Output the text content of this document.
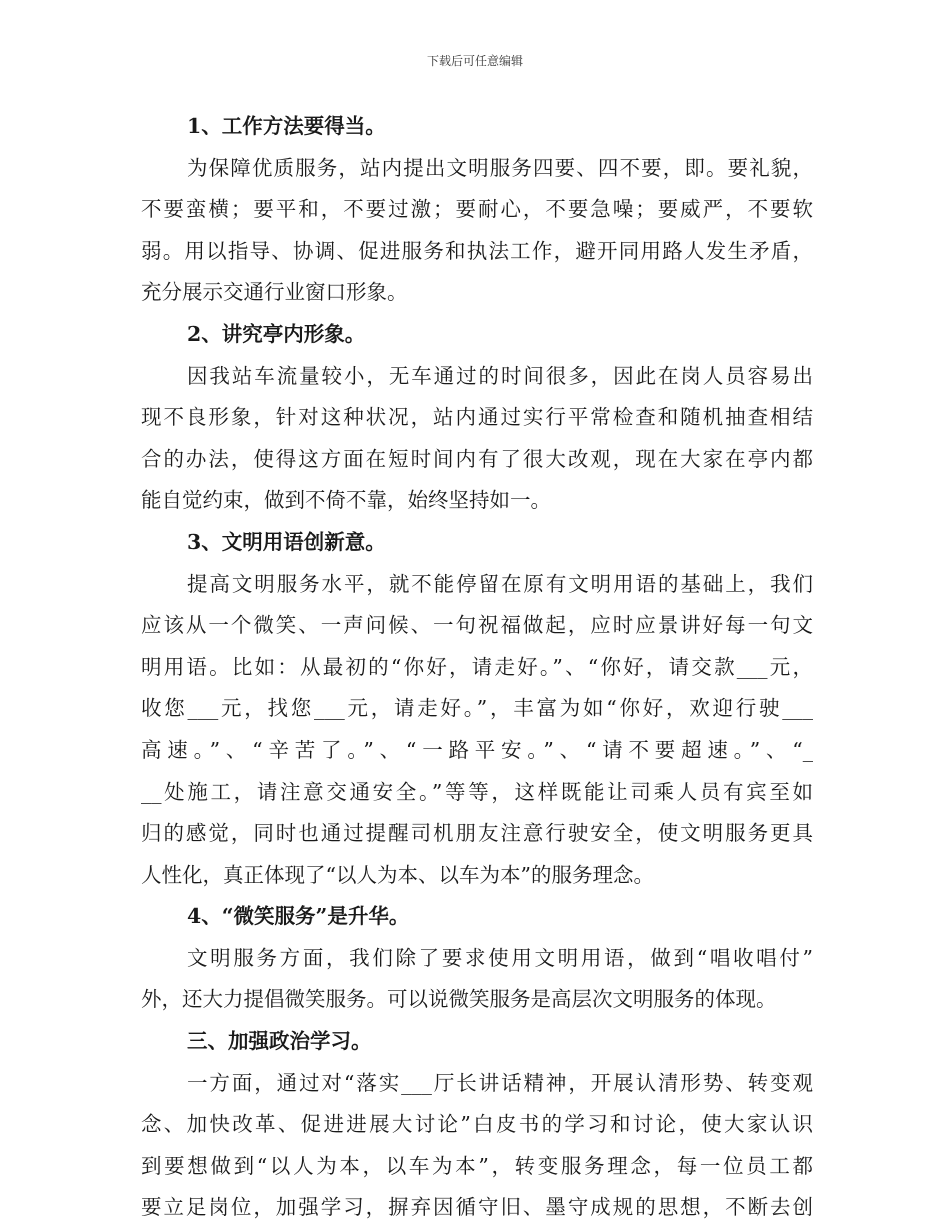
下载后可任意编辑
1、工作方法要得当。
为保障优质服务，站内提出文明服务四要、四不要，即。要礼貌，
不要蛮横；要平和，不要过激；要耐心，不要急噪；要威严，不要软
弱。用以指导、协调、促进服务和执法工作，避开同用路人发生矛盾，
充分展示交通行业窗口形象。
2、讲究亭内形象。
因我站车流量较小，无车通过的时间很多，因此在岗人员容易出
现不良形象，针对这种状况，站内通过实行平常检查和随机抽查相结
合的办法，使得这方面在短时间内有了很大改观，现在大家在亭内都
能自觉约束，做到不倚不靠，始终坚持如一。
3、文明用语创新意。
提高文明服务水平，就不能停留在原有文明用语的基础上，我们
应该从一个微笑、一声问候、一句祝福做起，应时应景讲好每一句文
明用语。比如：从最初的“你好，请走好。”、“你好，请交款___元，
收您___元，找您___元，请走好。”，丰富为如“你好，欢迎行驶___
高速。”、“辛苦了。”、“一路平安。”、“请不要超速。”、“_
__处施工，请注意交通安全。”等等，这样既能让司乘人员有宾至如
归的感觉，同时也通过提醒司机朋友注意行驶安全，使文明服务更具
人性化，真正体现了“以人为本、以车为本”的服务理念。
4、“微笑服务”是升华。
文明服务方面，我们除了要求使用文明用语，做到“唱收唱付”
外，还大力提倡微笑服务。可以说微笑服务是高层次文明服务的体现。
三、加强政治学习。
一方面，通过对“落实___厅长讲话精神，开展认清形势、转变观
念、加快改革、促进进展大讨论”白皮书的学习和讨论，使大家认识
到要想做到“以人为本，以车为本”，转变服务理念，每一位员工都
要立足岗位，加强学习，摒弃因循守旧、墨守成规的思想，不断去创
